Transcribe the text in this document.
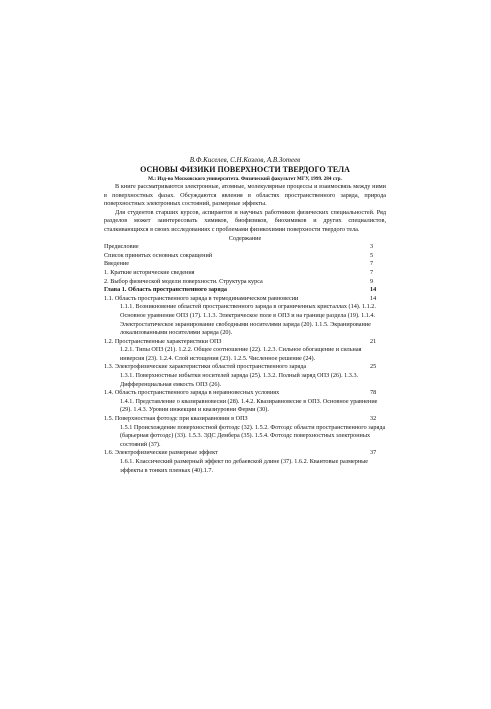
В.Ф.Киселев, С.Н.Козлов, А.В.Зотеев
ОСНОВЫ ФИЗИКИ ПОВЕРХНОСТИ ТВЕРДОГО ТЕЛА
М.: Изд-во Московского университета. Физический факультет МГУ, 1999. 284 стр.

В книге рассматриваются электронные, атомные, молекулярные процессы и взаимосвязь между ними в поверхностных фазах. Обсуждаются явления в областях пространственного заряда, природа поверхностных электронных состояний, размерные эффекты.

Для студентов старших курсов, аспирантов и научных работников физических специальностей. Ряд разделов может заинтересовать химиков, биофизиков, биохимиков и других специалистов, сталкивающихся в своих исследованиях с проблемами физикохимии поверхности твердого тела.

Содержание
Предисловие	3
Список принятых основных сокращений	5
Введение	7
1. Краткие исторические сведения	7
2. Выбор физической модели поверхности. Структура курса	9
Глава 1. Область пространственного заряда	14
1.1. Область пространственного заряда в термодинамическом равновесии	14
1.1.1. Возникновение областей пространственного заряда в ограниченных кристаллах (14). 1.1.2. Основное уравнение ОПЗ (17). 1.1.3. Электрическое поле в ОПЗ и на границе раздела (19). 1.1.4. Электростатическое экранирование свободными носителями заряда (20). 1.1.5. Экранирование локализованными носителями заряда (20).
1.2. Пространственные характеристики ОПЗ	21
1.2.1. Типы ОПЗ (21). 1.2.2. Общее соотношение (22). 1.2.3. Сильное обогащение и сильная инверсия (23). 1.2.4. Слой истощения (23). 1.2.5. Численное решение (24).
1.3. Электрофизические характеристики областей пространственного заряда	25
1.3.1. Поверхностные избытки носителей заряда (25). 1.3.2. Полный заряд ОПЗ (26). 1.3.3. Дифференциальная емкость ОПЗ (26).
1.4. Область пространственного заряда в неравновесных условиях	78
1.4.1. Представление о квазиравновесии (28). 1.4.2. Квазиравновесие в ОПЗ. Основное уравнение (29). 1.4.3. Уровни инжекции и квазиуровни Ферми (30).
1.5. Поверхностная фотоэдс при квазиравновии в ОПЗ	32
1.5.1 Происхождение поверхностной фотоэдс (32). 1.5.2. Фотоэдс области пространственного заряда (барьерная фотоэдс) (33). 1.5.3. ЭДС Дембера (35). 1.5.4. Фотоэдс поверхностных электронных состояний (37).
1.6. Электрофизические размерные эффект	37
1.6.1. Классический размерный эффект по дебаевской длине (37). 1.6.2. Квантовые размерные эффекты в тонких пленках (40).1.7.
